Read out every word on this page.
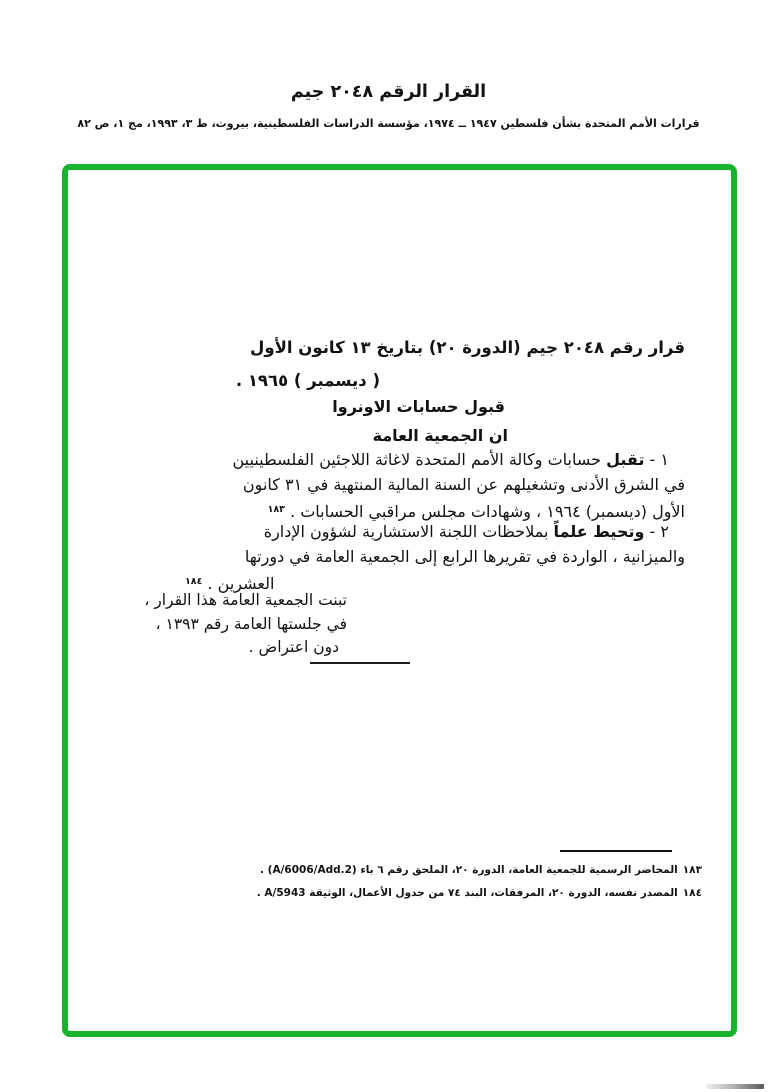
القرار الرقم ٢٠٤٨ جيم
قرارات الأمم المتحدة بشأن فلسطين ١٩٤٧ ــ ١٩٧٤، مؤسسة الدراسات الفلسطينية، بيروت، ط ٣، ١٩٩٣، مج ١، ص ٨٢
قرار رقم ٢٠٤٨ جيم (الدورة ٢٠) بتاريخ ١٣ كانون الأول
( ديسمبر ) ١٩٦٥ .
قبول حسابات الاونروا
ان الجمعية العامة
١ - تقبل حسابات وكالة الأمم المتحدة لاغاثة اللاجئين الفلسطينيين
في الشرق الأدنى وتشغيلهم عن السنة المالية المنتهية في ٣١ كانون
الأول (ديسمبر) ١٩٦٤ ، وشهادات مجلس مراقبي الحسابات . $^{١٨٣}$
٢ - وتحيط علماً بملاحظات اللجنة الاستشارية لشؤون الإدارة
والميزانية ، الواردة في تقريرها الرابع إلى الجمعية العامة في دورتها
العشرين . $^{١٨٤}$
تبنت الجمعية العامة هذا القرار ،
في جلستها العامة رقم ١٣٩٣ ،
دون اعتراض .
١٨٣المحاضر الرسمية للجمعية العامة، الدورة ٢٠، الملحق رقم ٦ باء (A/6006/Add.2) .
١٨٤المصدر نفسه، الدورة ٢٠، المرفقات، البند ٧٤ من جدول الأعمال، الوثيقة A/5943 .
